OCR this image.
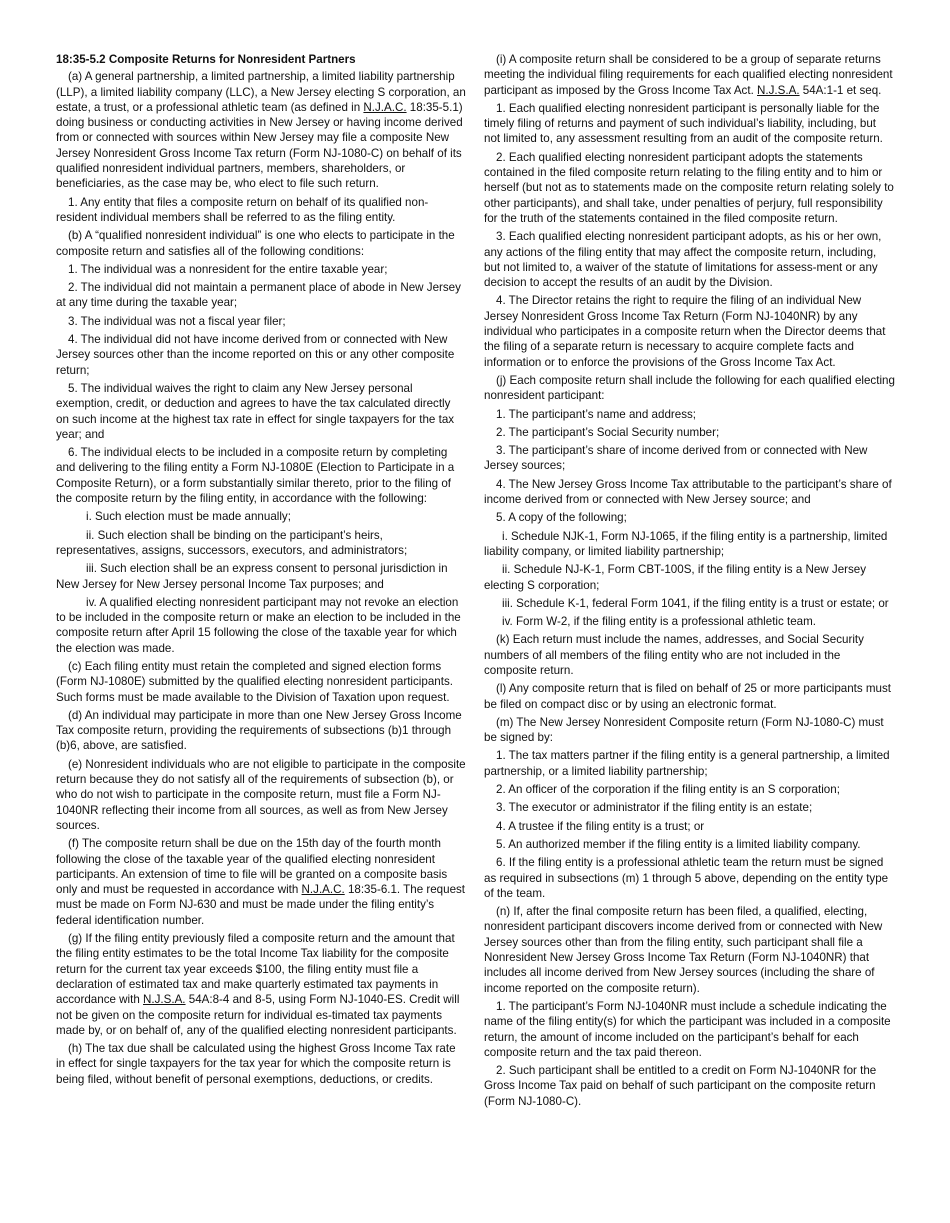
18:35-5.2 Composite Returns for Nonresident Partners

(a) A general partnership, a limited partnership, a limited liability partnership (LLP), a limited liability company (LLC), a New Jersey electing S corporation, an estate, a trust, or a professional athletic team (as defined in N.J.A.C. 18:35-5.1) doing business or conducting activities in New Jersey or having income derived from or connected with sources within New Jersey may file a composite New Jersey Nonresident Gross Income Tax return (Form NJ-1080-C) on behalf of its qualified nonresident individual partners, members, shareholders, or beneficiaries, as the case may be, who elect to file such return.

1. Any entity that files a composite return on behalf of its qualified non-resident individual members shall be referred to as the filing entity.

(b) A “qualified nonresident individual” is one who elects to participate in the composite return and satisfies all of the following conditions:

1. The individual was a nonresident for the entire taxable year;

2. The individual did not maintain a permanent place of abode in New Jersey at any time during the taxable year;

3. The individual was not a fiscal year filer;

4. The individual did not have income derived from or connected with New Jersey sources other than the income reported on this or any other composite return;

5. The individual waives the right to claim any New Jersey personal exemption, credit, or deduction and agrees to have the tax calculated directly on such income at the highest tax rate in effect for single taxpayers for the tax year; and

6. The individual elects to be included in a composite return by completing and delivering to the filing entity a Form NJ-1080E (Election to Participate in a Composite Return), or a form substantially similar thereto, prior to the filing of the composite return by the filing entity, in accordance with the following:

i. Such election must be made annually;

ii. Such election shall be binding on the participant’s heirs, representatives, assigns, successors, executors, and administrators;

iii. Such election shall be an express consent to personal jurisdiction in New Jersey for New Jersey personal Income Tax purposes; and

iv. A qualified electing nonresident participant may not revoke an election to be included in the composite return or make an election to be included in the composite return after April 15 following the close of the taxable year for which the election was made.

(c) Each filing entity must retain the completed and signed election forms (Form NJ-1080E) submitted by the qualified electing nonresident participants. Such forms must be made available to the Division of Taxation upon request.

(d) An individual may participate in more than one New Jersey Gross Income Tax composite return, providing the requirements of subsections (b)1 through (b)6, above, are satisfied.

(e) Nonresident individuals who are not eligible to participate in the composite return because they do not satisfy all of the requirements of subsection (b), or who do not wish to participate in the composite return, must file a Form NJ-1040NR reflecting their income from all sources, as well as from New Jersey sources.

(f) The composite return shall be due on the 15th day of the fourth month following the close of the taxable year of the qualified electing nonresident participants. An extension of time to file will be granted on a composite basis only and must be requested in accordance with N.J.A.C. 18:35-6.1. The request must be made on Form NJ-630 and must be made under the filing entity’s federal identification number.

(g) If the filing entity previously filed a composite return and the amount that the filing entity estimates to be the total Income Tax liability for the composite return for the current tax year exceeds $100, the filing entity must file a declaration of estimated tax and make quarterly estimated tax payments in accordance with N.J.S.A. 54A:8-4 and 8-5, using Form NJ-1040-ES. Credit will not be given on the composite return for individual es-timated tax payments made by, or on behalf of, any of the qualified electing nonresident participants.

(h) The tax due shall be calculated using the highest Gross Income Tax rate in effect for single taxpayers for the tax year for which the composite return is being filed, without benefit of personal exemptions, deductions, or credits.

(i) A composite return shall be considered to be a group of separate returns meeting the individual filing requirements for each qualified electing nonresident participant as imposed by the Gross Income Tax Act. N.J.S.A. 54A:1-1 et seq.

1. Each qualified electing nonresident participant is personally liable for the timely filing of returns and payment of such individual’s liability, including, but not limited to, any assessment resulting from an audit of the composite return.

2. Each qualified electing nonresident participant adopts the statements contained in the filed composite return relating to the filing entity and to him or herself (but not as to statements made on the composite return relating solely to other participants), and shall take, under penalties of perjury, full responsibility for the truth of the statements contained in the filed composite return.

3. Each qualified electing nonresident participant adopts, as his or her own, any actions of the filing entity that may affect the composite return, including, but not limited to, a waiver of the statute of limitations for assess-ment or any decision to accept the results of an audit by the Division.

4. The Director retains the right to require the filing of an individual New Jersey Nonresident Gross Income Tax Return (Form NJ-1040NR) by any individual who participates in a composite return when the Director deems that the filing of a separate return is necessary to acquire complete facts and information or to enforce the provisions of the Gross Income Tax Act.

(j) Each composite return shall include the following for each qualified electing nonresident participant:

1. The participant’s name and address;

2. The participant’s Social Security number;

3. The participant’s share of income derived from or connected with New Jersey sources;

4. The New Jersey Gross Income Tax attributable to the participant’s share of income derived from or connected with New Jersey source; and

5. A copy of the following;

i. Schedule NJK-1, Form NJ-1065, if the filing entity is a partnership, limited liability company, or limited liability partnership;

ii. Schedule NJ-K-1, Form CBT-100S, if the filing entity is a New Jersey electing S corporation;

iii. Schedule K-1, federal Form 1041, if the filing entity is a trust or estate; or

iv. Form W-2, if the filing entity is a professional athletic team.

(k) Each return must include the names, addresses, and Social Security numbers of all members of the filing entity who are not included in the composite return.

(l) Any composite return that is filed on behalf of 25 or more participants must be filed on compact disc or by using an electronic format.

(m) The New Jersey Nonresident Composite return (Form NJ-1080-C) must be signed by:

1. The tax matters partner if the filing entity is a general partnership, a limited partnership, or a limited liability partnership;

2. An officer of the corporation if the filing entity is an S corporation;

3. The executor or administrator if the filing entity is an estate;

4. A trustee if the filing entity is a trust; or

5. An authorized member if the filing entity is a limited liability company.

6. If the filing entity is a professional athletic team the return must be signed as required in subsections (m) 1 through 5 above, depending on the entity type of the team.

(n) If, after the final composite return has been filed, a qualified, electing, nonresident participant discovers income derived from or connected with New Jersey sources other than from the filing entity, such participant shall file a Nonresident New Jersey Gross Income Tax Return (Form NJ-1040NR) that includes all income derived from New Jersey sources (including the share of income reported on the composite return).

1. The participant’s Form NJ-1040NR must include a schedule indicating the name of the filing entity(s) for which the participant was included in a composite return, the amount of income included on the participant’s behalf for each composite return and the tax paid thereon.

2. Such participant shall be entitled to a credit on Form NJ-1040NR for the Gross Income Tax paid on behalf of such participant on the composite return (Form NJ-1080-C).
